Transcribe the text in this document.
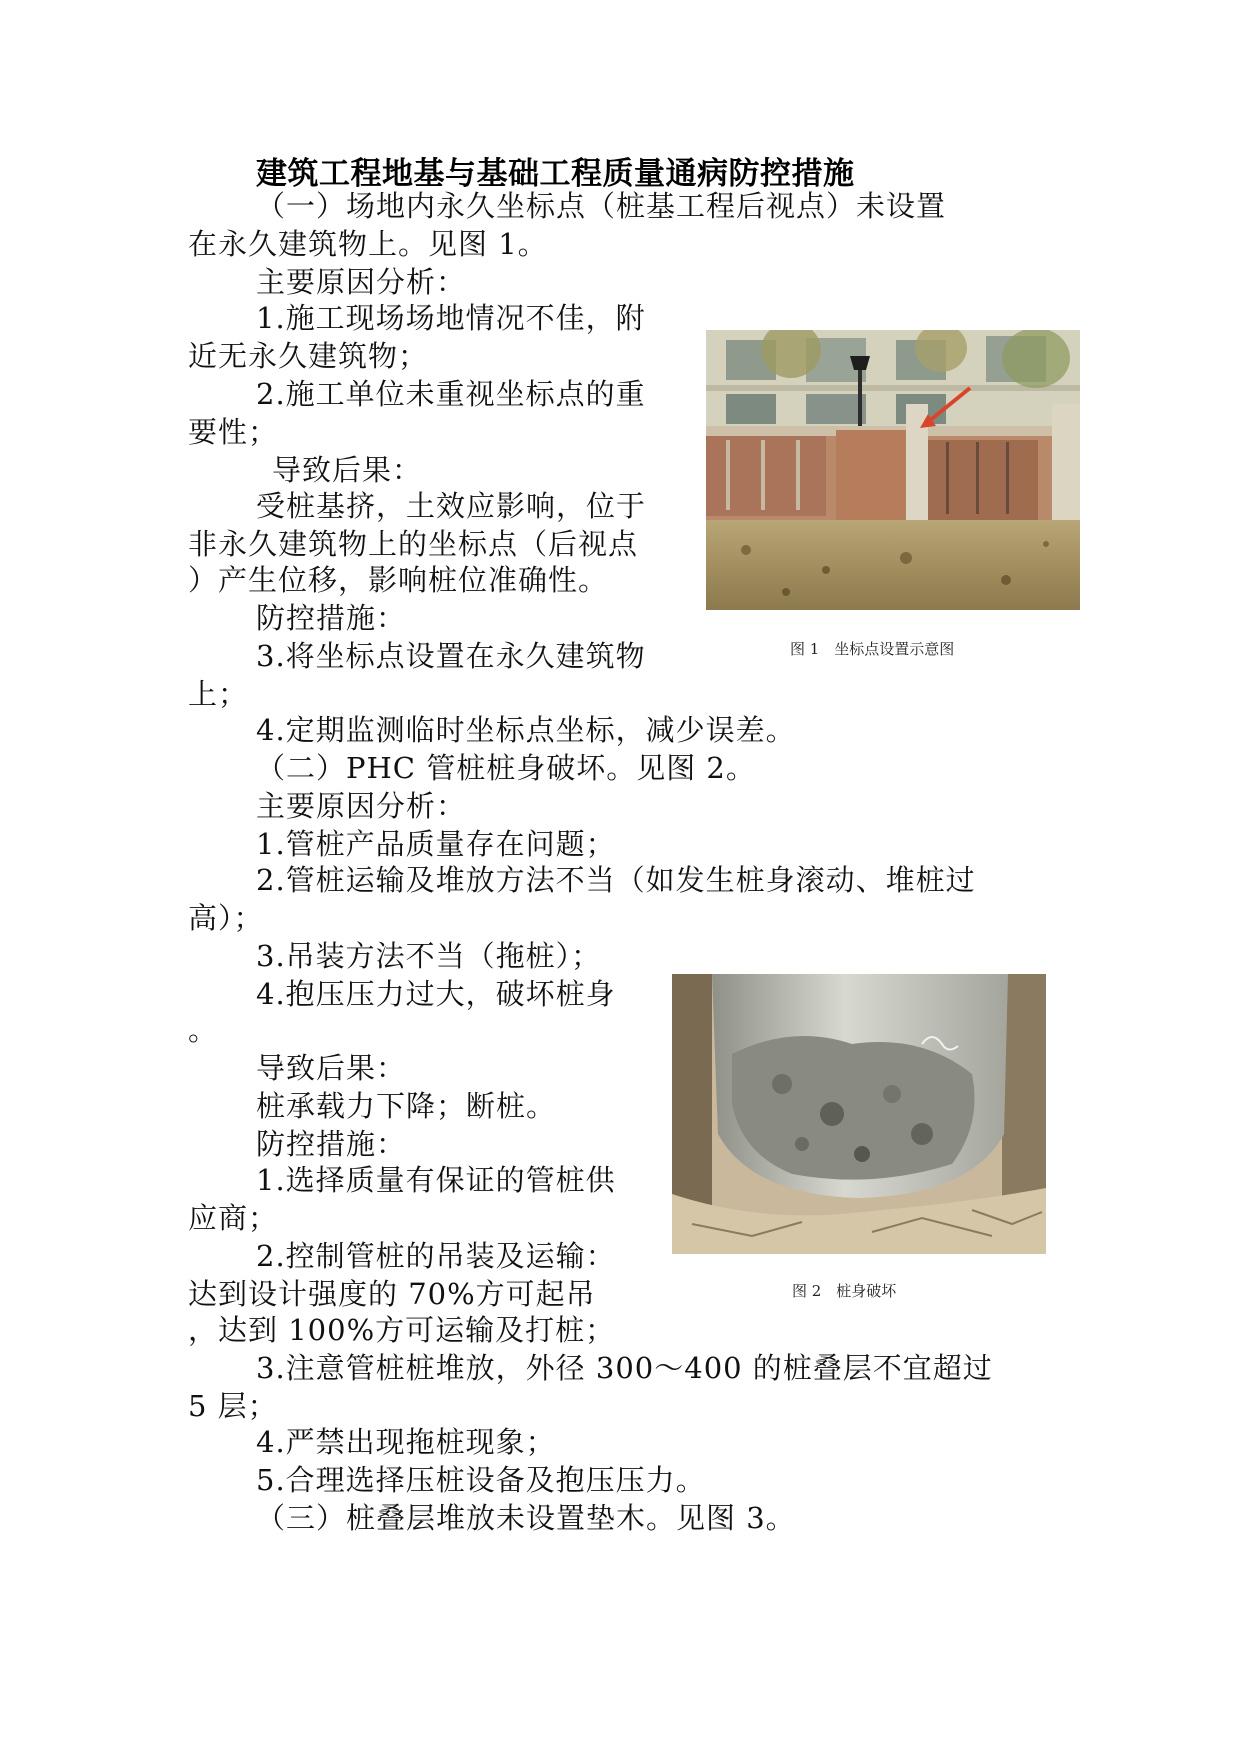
建筑工程地基与基础工程质量通病防控措施
（一）场地内永久坐标点（桩基工程后视点）未设置
在永久建筑物上。见图 1。
主要原因分析：
1.施工现场场地情况不佳，附
近无永久建筑物；
2.施工单位未重视坐标点的重
要性；
导致后果：
受桩基挤，土效应影响，位于
非永久建筑物上的坐标点（后视点
）产生位移，影响桩位准确性。
防控措施：
3.将坐标点设置在永久建筑物
上；
4.定期监测临时坐标点坐标，减少误差。
（二）PHC 管桩桩身破坏。见图 2。
主要原因分析：
1.管桩产品质量存在问题；
2.管桩运输及堆放方法不当（如发生桩身滚动、堆桩过
高）；
3.吊装方法不当（拖桩）；
4.抱压压力过大，破坏桩身
。
导致后果：
桩承载力下降；断桩。
防控措施：
1.选择质量有保证的管桩供
应商；
2.控制管桩的吊装及运输：
达到设计强度的 70%方可起吊
，达到 100%方可运输及打桩；
3.注意管桩桩堆放，外径 300～400 的桩叠层不宜超过
5 层；
4.严禁出现拖桩现象；
5.合理选择压桩设备及抱压压力。
（三）桩叠层堆放未设置垫木。见图 3。
图 1　坐标点设置示意图
图 2　桩身破坏
